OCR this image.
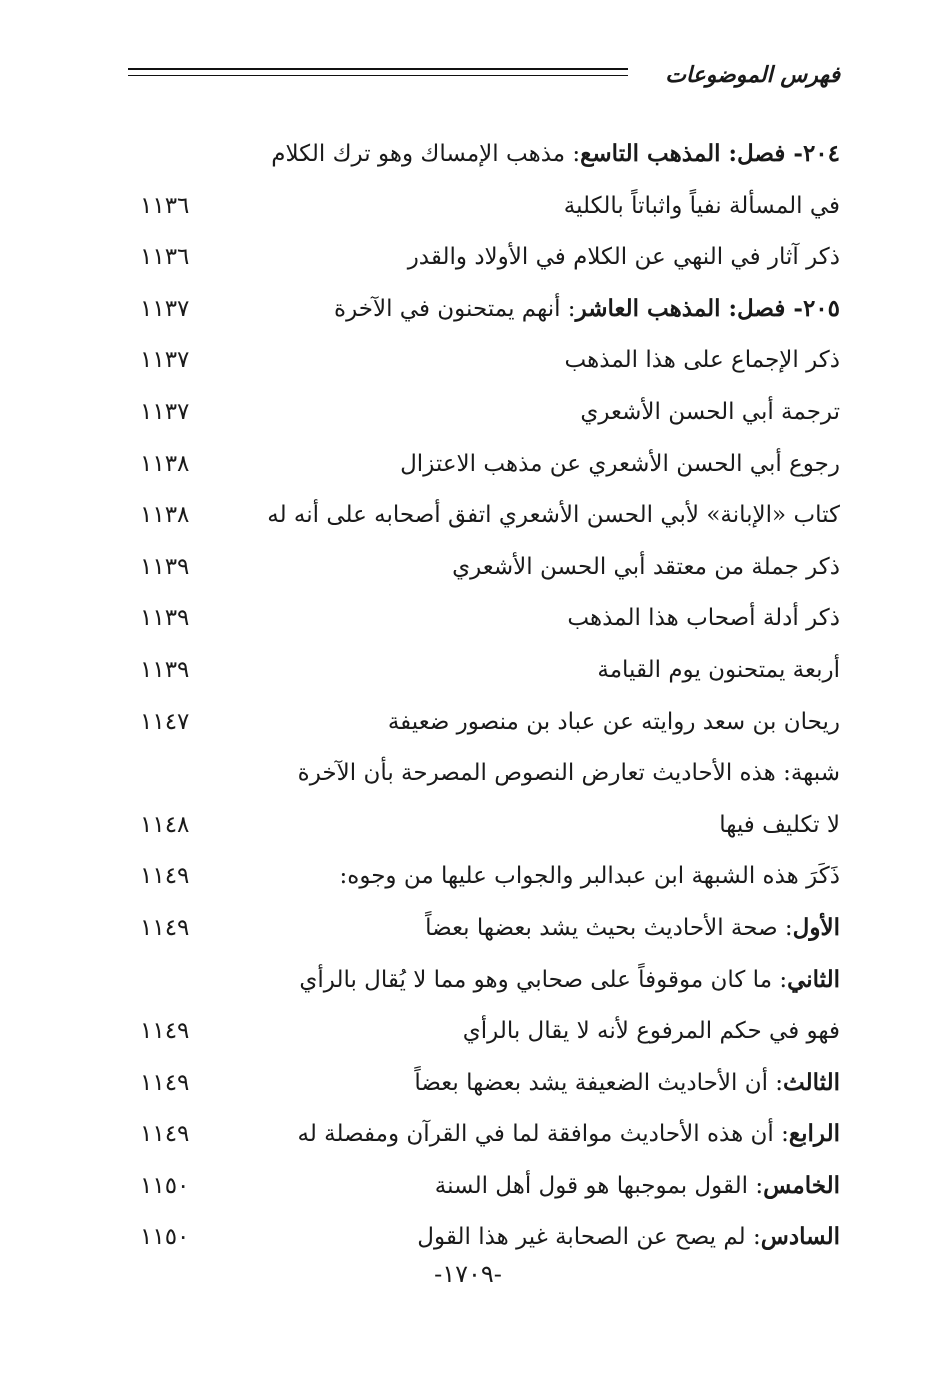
فهرس الموضوعات
٢٠٤- فصل: المذهب التاسع: مذهب الإمساك وهو ترك الكلام
في المسألة نفياً واثباتاً بالكلية
١١٣٦
ذكر آثار في النهي عن الكلام في الأولاد والقدر
١١٣٦
٢٠٥- فصل: المذهب العاشر: أنهم يمتحنون في الآخرة
١١٣٧
ذكر الإجماع على هذا المذهب
١١٣٧
ترجمة أبي الحسن الأشعري
١١٣٧
رجوع أبي الحسن الأشعري عن مذهب الاعتزال
١١٣٨
كتاب «الإبانة» لأبي الحسن الأشعري اتفق أصحابه على أنه له
١١٣٨
ذكر جملة من معتقد أبي الحسن الأشعري
١١٣٩
ذكر أدلة أصحاب هذا المذهب
١١٣٩
أربعة يمتحنون يوم القيامة
١١٣٩
ريحان بن سعد روايته عن عباد بن منصور ضعيفة
١١٤٧
شبهة: هذه الأحاديث تعارض النصوص المصرحة بأن الآخرة
لا تكليف فيها
١١٤٨
ذَكَرَ هذه الشبهة ابن عبدالبر والجواب عليها من وجوه:
١١٤٩
الأول: صحة الأحاديث بحيث يشد بعضها بعضاً
١١٤٩
الثاني: ما كان موقوفاً على صحابي وهو مما لا يُقال بالرأي
فهو في حكم المرفوع لأنه لا يقال بالرأي
١١٤٩
الثالث: أن الأحاديث الضعيفة يشد بعضها بعضاً
١١٤٩
الرابع: أن هذه الأحاديث موافقة لما في القرآن ومفصلة له
١١٤٩
الخامس: القول بموجبها هو قول أهل السنة
١١٥٠
السادس: لم يصح عن الصحابة غير هذا القول
١١٥٠
-١٧٠٩-
